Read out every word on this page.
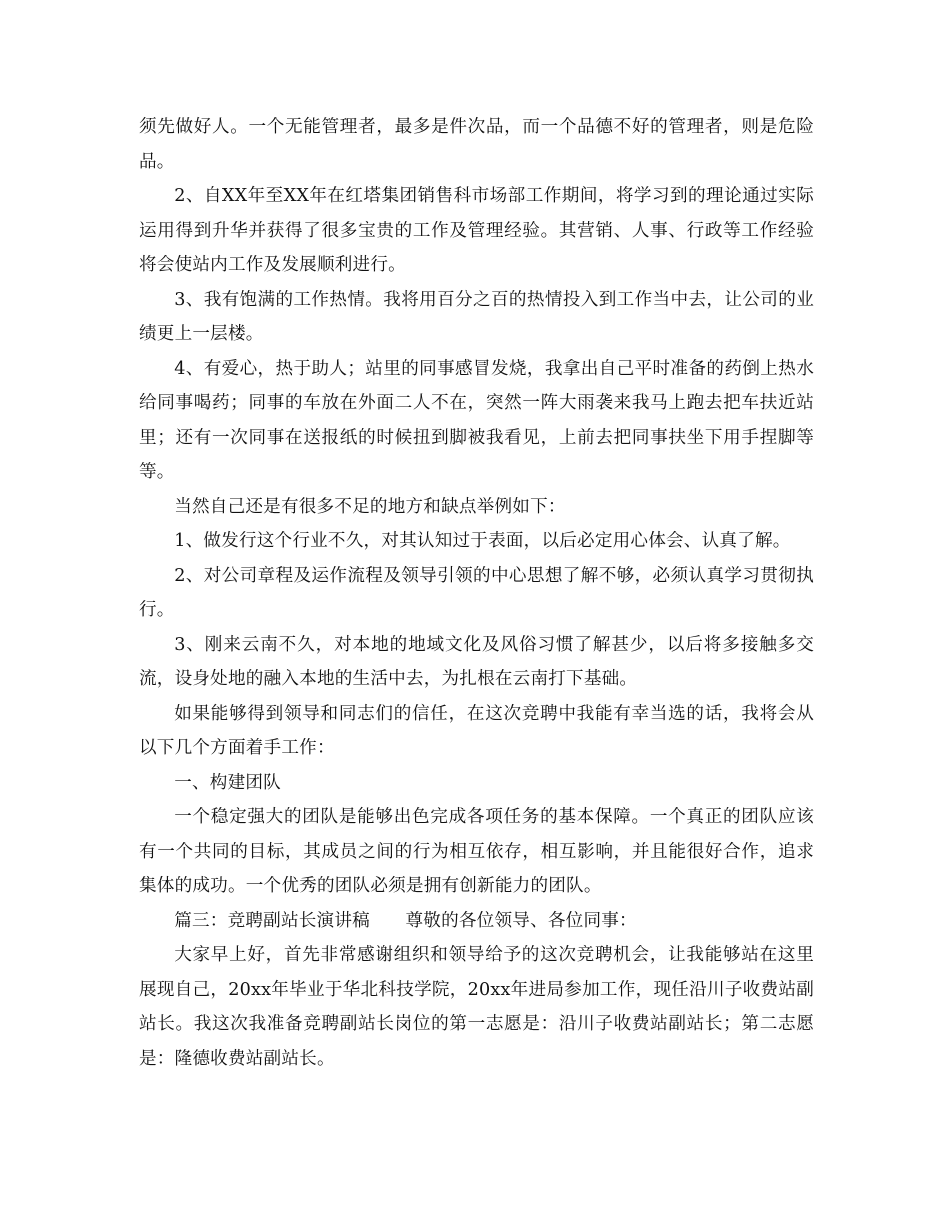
须先做好人。一个无能管理者，最多是件次品，而一个品德不好的管理者，则是危险品。

2、自XX年至XX年在红塔集团销售科市场部工作期间，将学习到的理论通过实际运用得到升华并获得了很多宝贵的工作及管理经验。其营销、人事、行政等工作经验将会使站内工作及发展顺利进行。

3、我有饱满的工作热情。我将用百分之百的热情投入到工作当中去，让公司的业绩更上一层楼。

4、有爱心，热于助人；站里的同事感冒发烧，我拿出自己平时准备的药倒上热水给同事喝药；同事的车放在外面二人不在，突然一阵大雨袭来我马上跑去把车扶近站里；还有一次同事在送报纸的时候扭到脚被我看见，上前去把同事扶坐下用手捏脚等等。

当然自己还是有很多不足的地方和缺点举例如下：

1、做发行这个行业不久，对其认知过于表面，以后必定用心体会、认真了解。

2、对公司章程及运作流程及领导引领的中心思想了解不够，必须认真学习贯彻执行。

3、刚来云南不久，对本地的地域文化及风俗习惯了解甚少，以后将多接触多交流，设身处地的融入本地的生活中去，为扎根在云南打下基础。

如果能够得到领导和同志们的信任，在这次竞聘中我能有幸当选的话，我将会从以下几个方面着手工作：

一、构建团队

一个稳定强大的团队是能够出色完成各项任务的基本保障。一个真正的团队应该有一个共同的目标，其成员之间的行为相互依存，相互影响，并且能很好合作，追求集体的成功。一个优秀的团队必须是拥有创新能力的团队。

篇三：竞聘副站长演讲稿　　尊敬的各位领导、各位同事：

大家早上好，首先非常感谢组织和领导给予的这次竞聘机会，让我能够站在这里展现自己，20xx年毕业于华北科技学院，20xx年进局参加工作，现任沿川子收费站副站长。我这次我准备竞聘副站长岗位的第一志愿是：沿川子收费站副站长；第二志愿是：隆德收费站副站长。
